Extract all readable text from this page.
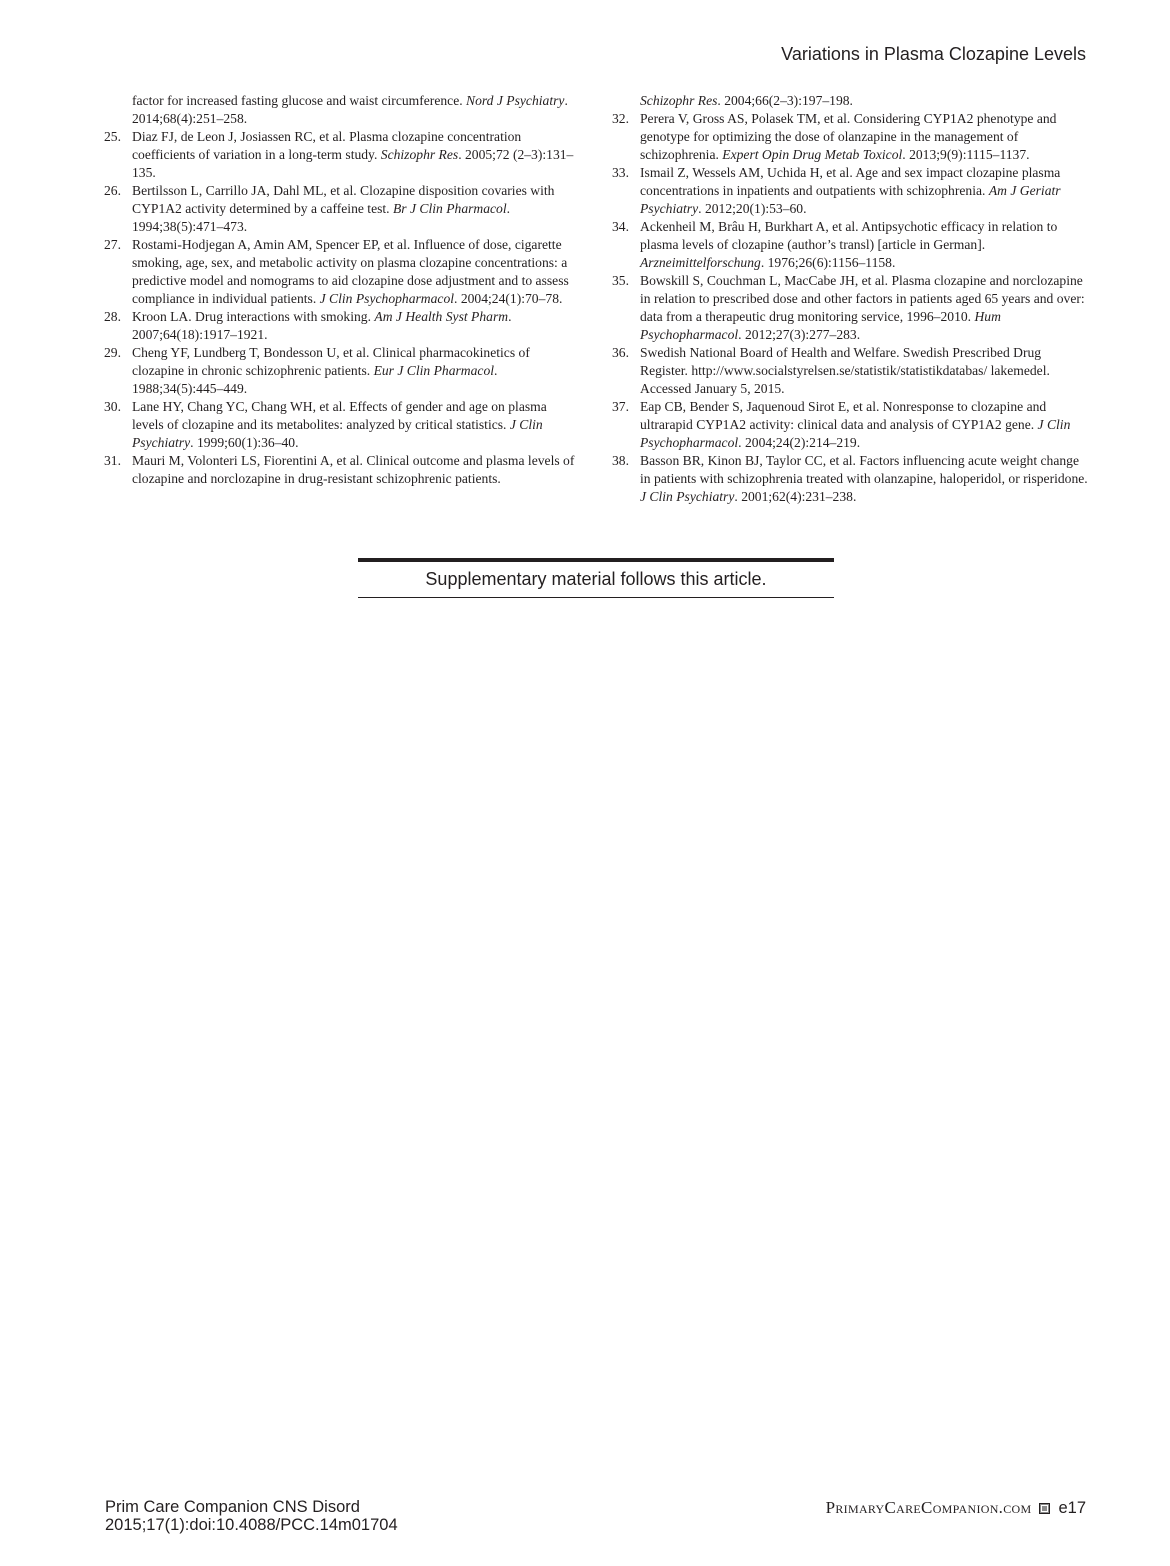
Variations in Plasma Clozapine Levels
factor for increased fasting glucose and waist circumference. Nord J Psychiatry. 2014;68(4):251–258.
25. Diaz FJ, de Leon J, Josiassen RC, et al. Plasma clozapine concentration coefficients of variation in a long-term study. Schizophr Res. 2005;72 (2–3):131–135.
26. Bertilsson L, Carrillo JA, Dahl ML, et al. Clozapine disposition covaries with CYP1A2 activity determined by a caffeine test. Br J Clin Pharmacol. 1994;38(5):471–473.
27. Rostami-Hodjegan A, Amin AM, Spencer EP, et al. Influence of dose, cigarette smoking, age, sex, and metabolic activity on plasma clozapine concentrations: a predictive model and nomograms to aid clozapine dose adjustment and to assess compliance in individual patients. J Clin Psychopharmacol. 2004;24(1):70–78.
28. Kroon LA. Drug interactions with smoking. Am J Health Syst Pharm. 2007;64(18):1917–1921.
29. Cheng YF, Lundberg T, Bondesson U, et al. Clinical pharmacokinetics of clozapine in chronic schizophrenic patients. Eur J Clin Pharmacol. 1988;34(5):445–449.
30. Lane HY, Chang YC, Chang WH, et al. Effects of gender and age on plasma levels of clozapine and its metabolites: analyzed by critical statistics. J Clin Psychiatry. 1999;60(1):36–40.
31. Mauri M, Volonteri LS, Fiorentini A, et al. Clinical outcome and plasma levels of clozapine and norclozapine in drug-resistant schizophrenic patients.
Schizophr Res. 2004;66(2–3):197–198.
32. Perera V, Gross AS, Polasek TM, et al. Considering CYP1A2 phenotype and genotype for optimizing the dose of olanzapine in the management of schizophrenia. Expert Opin Drug Metab Toxicol. 2013;9(9):1115–1137.
33. Ismail Z, Wessels AM, Uchida H, et al. Age and sex impact clozapine plasma concentrations in inpatients and outpatients with schizophrenia. Am J Geriatr Psychiatry. 2012;20(1):53–60.
34. Ackenheil M, Brâu H, Burkhart A, et al. Antipsychotic efficacy in relation to plasma levels of clozapine (author’s transl) [article in German]. Arzneimittelforschung. 1976;26(6):1156–1158.
35. Bowskill S, Couchman L, MacCabe JH, et al. Plasma clozapine and norclozapine in relation to prescribed dose and other factors in patients aged 65 years and over: data from a therapeutic drug monitoring service, 1996–2010. Hum Psychopharmacol. 2012;27(3):277–283.
36. Swedish National Board of Health and Welfare. Swedish Prescribed Drug Register. http://www.socialstyrelsen.se/statistik/statistikdatabas/ lakemedel. Accessed January 5, 2015.
37. Eap CB, Bender S, Jaquenoud Sirot E, et al. Nonresponse to clozapine and ultrarapid CYP1A2 activity: clinical data and analysis of CYP1A2 gene. J Clin Psychopharmacol. 2004;24(2):214–219.
38. Basson BR, Kinon BJ, Taylor CC, et al. Factors influencing acute weight change in patients with schizophrenia treated with olanzapine, haloperidol, or risperidone. J Clin Psychiatry. 2001;62(4):231–238.
Supplementary material follows this article.
Prim Care Companion CNS Disord
2015;17(1):doi:10.4088/PCC.14m01704
PrimaryCareCompanion.com e17
